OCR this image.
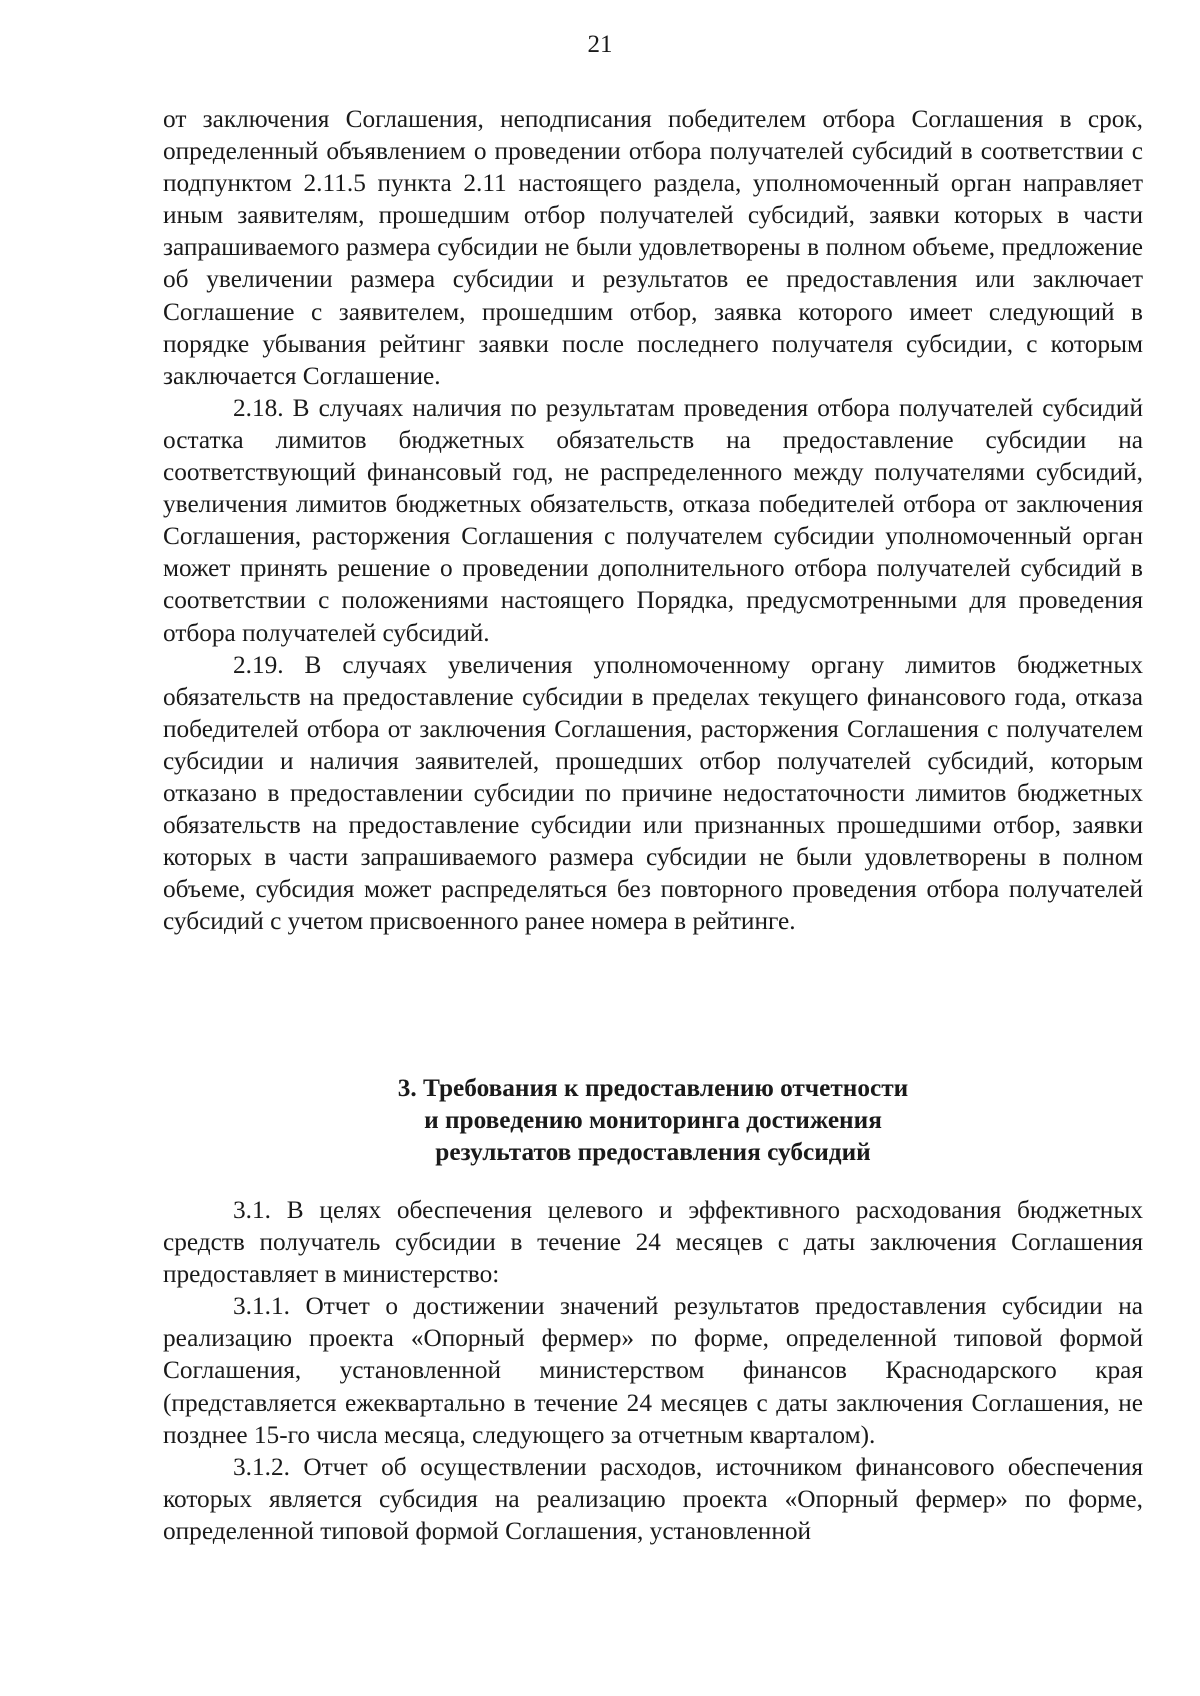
21

от заключения Соглашения, неподписания победителем отбора Соглашения в срок, определенный объявлением о проведении отбора получателей субсидий в соответствии с подпунктом 2.11.5 пункта 2.11 настоящего раздела, уполномоченный орган направляет иным заявителям, прошедшим отбор получателей субсидий, заявки которых в части запрашиваемого размера субсидии не были удовлетворены в полном объеме, предложение об увеличении размера субсидии и результатов ее предоставления или заключает Соглашение с заявителем, прошедшим отбор, заявка которого имеет следующий в порядке убывания рейтинг заявки после последнего получателя субсидии, с которым заключается Соглашение.

2.18. В случаях наличия по результатам проведения отбора получателей субсидий остатка лимитов бюджетных обязательств на предоставление субсидии на соответствующий финансовый год, не распределенного между получателями субсидий, увеличения лимитов бюджетных обязательств, отказа победителей отбора от заключения Соглашения, расторжения Соглашения с получателем субсидии уполномоченный орган может принять решение о проведении дополнительного отбора получателей субсидий в соответствии с положениями настоящего Порядка, предусмотренными для проведения отбора получателей субсидий.

2.19. В случаях увеличения уполномоченному органу лимитов бюджетных обязательств на предоставление субсидии в пределах текущего финансового года, отказа победителей отбора от заключения Соглашения, расторжения Соглашения с получателем субсидии и наличия заявителей, прошедших отбор получателей субсидий, которым отказано в предоставлении субсидии по причине недостаточности лимитов бюджетных обязательств на предоставление субсидии или признанных прошедшими отбор, заявки которых в части запрашиваемого размера субсидии не были удовлетворены в полном объеме, субсидия может распределяться без повторного проведения отбора получателей субсидий с учетом присвоенного ранее номера в рейтинге.

3. Требования к предоставлению отчетности
и проведению мониторинга достижения
результатов предоставления субсидий

3.1. В целях обеспечения целевого и эффективного расходования бюджетных средств получатель субсидии в течение 24 месяцев с даты заключения Соглашения предоставляет в министерство:

3.1.1. Отчет о достижении значений результатов предоставления субсидии на реализацию проекта «Опорный фермер» по форме, определенной типовой формой Соглашения, установленной министерством финансов Краснодарского края (представляется ежеквартально в течение 24 месяцев с даты заключения Соглашения, не позднее 15-го числа месяца, следующего за отчетным кварталом).

3.1.2. Отчет об осуществлении расходов, источником финансового обеспечения которых является субсидия на реализацию проекта «Опорный фермер» по форме, определенной типовой формой Соглашения, установленной
